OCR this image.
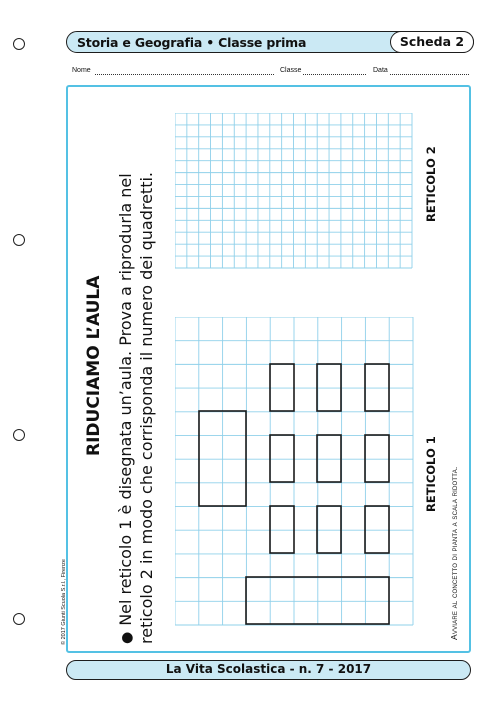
Storia e Geografia • Classe prima	Scheda 2
Nome	Classe	Data
© 2017 Giunti Scuola S.r.l., Firenze
RIDUCIAMO L’AULA
●Nel reticolo 1 è disegnata un’aula. Prova a riprodurla nel reticolo 2 in modo che corrisponda il numero dei quadretti.	RETICOLO 2
RETICOLO 1 Avviare al concetto di pianta a scala ridotta.
La Vita Scolastica - n. 7 - 2017
